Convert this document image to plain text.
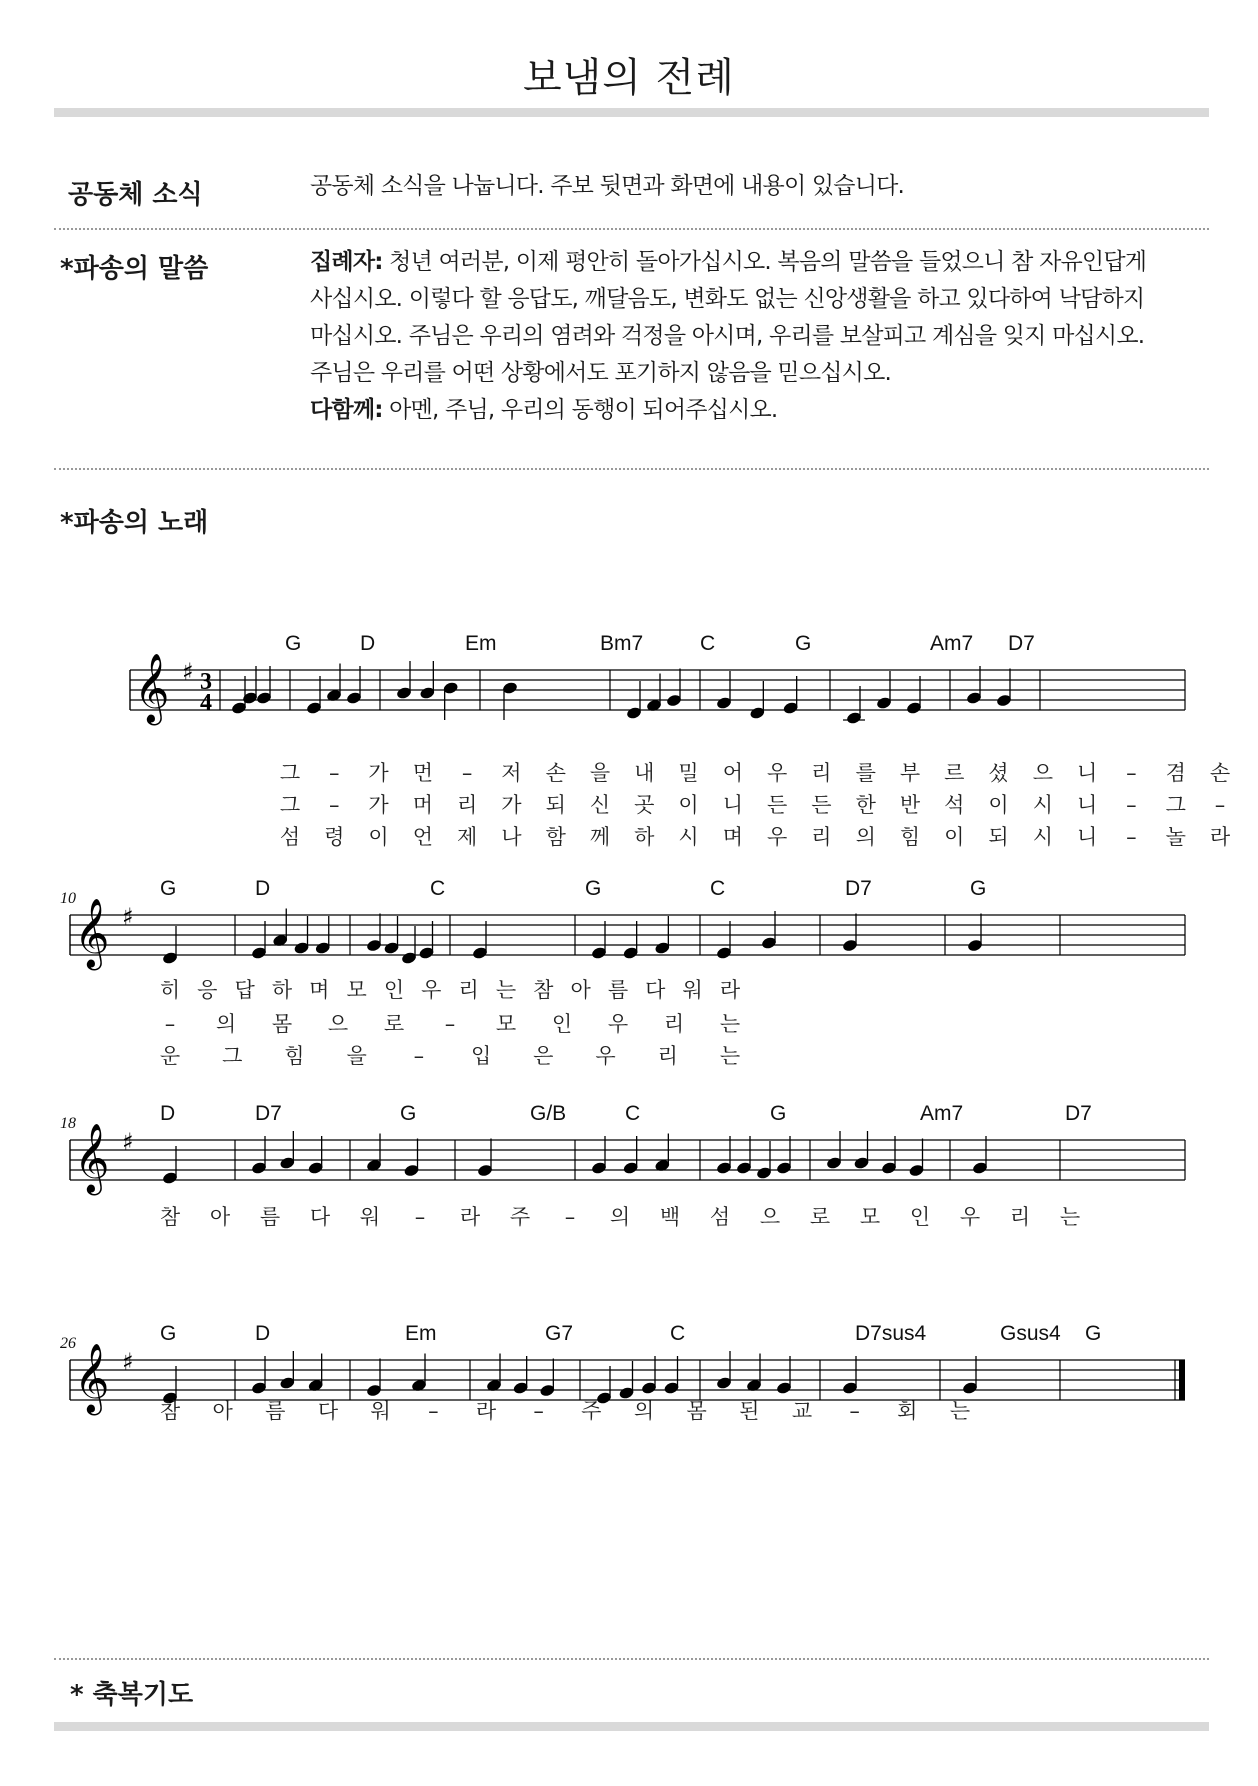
보냄의 전례
공동체 소식	공동체 소식을 나눕니다. 주보 뒷면과 화면에 내용이 있습니다.
*파송의 말씀	집례자: 청년 여러분, 이제 평안히 돌아가십시오. 복음의 말씀을 들었으니 참 자유인답게
사십시오. 이렇다 할 응답도, 깨달음도, 변화도 없는 신앙생활을 하고 있다하여 낙담하지
마십시오. 주님은 우리의 염려와 걱정을 아시며, 우리를 보살피고 계심을 잊지 마십시오.
주님은 우리를 어떤 상황에서도 포기하지 않음을 믿으십시오.
다함께: 아멘, 주님, 우리의 동행이 되어주십시오.
*파송의 노래
𝄞 ♯ 3
4
G	D	Em	Bm7	C	G	Am7 D7
그 – 가 먼 – 저 손 을 내 밀 어 우 리 를 부 르 셨 으 니 – 겸 손
그 – 가 머 리 가 되 신 곳 이 니 든 든 한 반 석 이 시 니 – 그 –
섬 령 이 언 제 나 함 께 하 시 며 우 리 의 힘 이 되 시 니 – 놀 라
𝄞 ♯
10	G	D	C	G	C	D7	G
히 응 답 하 며 모 인 우 리 는 참 아 름 다 워 라
– 의 몸 으 로 – 모 인 우 리 는
운 그 힘 을 – 입 은 우 리 는
𝄞 ♯
18	D	D7	G	G/B	C	G	Am7	D7
참 아 름 다 워 – 라 주 – 의 백 섬 으 로 모 인 우 리 는
𝄞 ♯
26	G	D	Em	G7	C	D7sus4	Gsus4 G
참 아 름 다 워 – 라 – 주 의 몸 된 교 – 회 는
* 축복기도
